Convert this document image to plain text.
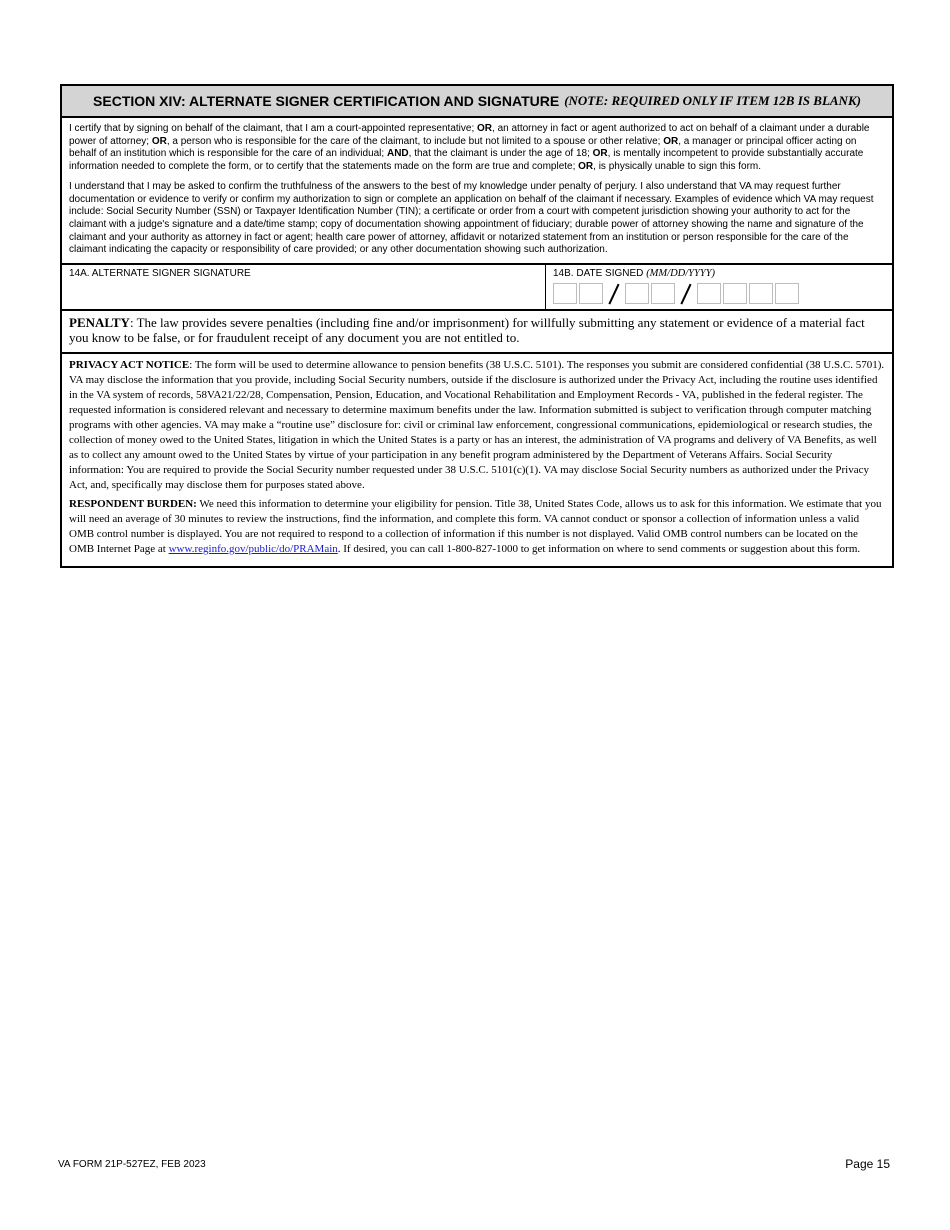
SECTION XIV: ALTERNATE SIGNER CERTIFICATION AND SIGNATURE (NOTE: REQUIRED ONLY IF ITEM 12B IS BLANK)

I certify that by signing on behalf of the claimant, that I am a court-appointed representative; OR, an attorney in fact or agent authorized to act on behalf of a claimant under a durable power of attorney; OR, a person who is responsible for the care of the claimant, to include but not limited to a spouse or other relative; OR, a manager or principal officer acting on behalf of an institution which is responsible for the care of an individual; AND, that the claimant is under the age of 18; OR, is mentally incompetent to provide substantially accurate information needed to complete the form, or to certify that the statements made on the form are true and complete; OR, is physically unable to sign this form.

I understand that I may be asked to confirm the truthfulness of the answers to the best of my knowledge under penalty of perjury. I also understand that VA may request further documentation or evidence to verify or confirm my authorization to sign or complete an application on behalf of the claimant if necessary. Examples of evidence which VA may request include: Social Security Number (SSN) or Taxpayer Identification Number (TIN); a certificate or order from a court with competent jurisdiction showing your authority to act for the claimant with a judge's signature and a date/time stamp; copy of documentation showing appointment of fiduciary; durable power of attorney showing the name and signature of the claimant and your authority as attorney in fact or agent; health care power of attorney, affidavit or notarized statement from an institution or person responsible for the care of the claimant indicating the capacity or responsibility of care provided; or any other documentation showing such authorization.

14A. ALTERNATE SIGNER SIGNATURE	14B. DATE SIGNED (MM/DD/YYYY)
PENALTY: The law provides severe penalties (including fine and/or imprisonment) for willfully submitting any statement or evidence of a material fact you know to be false, or for fraudulent receipt of any document you are not entitled to.

PRIVACY ACT NOTICE: The form will be used to determine allowance to pension benefits (38 U.S.C. 5101). The responses you submit are considered confidential (38 U.S.C. 5701). VA may disclose the information that you provide, including Social Security numbers, outside if the disclosure is authorized under the Privacy Act, including the routine uses identified in the VA system of records, 58VA21/22/28, Compensation, Pension, Education, and Vocational Rehabilitation and Employment Records - VA, published in the federal register. The requested information is considered relevant and necessary to determine maximum benefits under the law. Information submitted is subject to verification through computer matching programs with other agencies. VA may make a “routine use” disclosure for: civil or criminal law enforcement, congressional communications, epidemiological or research studies, the collection of money owed to the United States, litigation in which the United States is a party or has an interest, the administration of VA programs and delivery of VA Benefits, as well as to collect any amount owed to the United States by virtue of your participation in any benefit program administered by the Department of Veterans Affairs. Social Security information: You are required to provide the Social Security number requested under 38 U.S.C. 5101(c)(1). VA may disclose Social Security numbers as authorized under the Privacy Act, and, specifically may disclose them for purposes stated above.

RESPONDENT BURDEN: We need this information to determine your eligibility for pension. Title 38, United States Code, allows us to ask for this information. We estimate that you will need an average of 30 minutes to review the instructions, find the information, and complete this form. VA cannot conduct or sponsor a collection of information unless a valid OMB control number is displayed. You are not required to respond to a collection of information if this number is not displayed. Valid OMB control numbers can be located on the OMB Internet Page at www.reginfo.gov/public/do/PRAMain. If desired, you can call 1-800-827-1000 to get information on where to send comments or suggestion about this form.

VA FORM 21P-527EZ, FEB 2023	Page 15
